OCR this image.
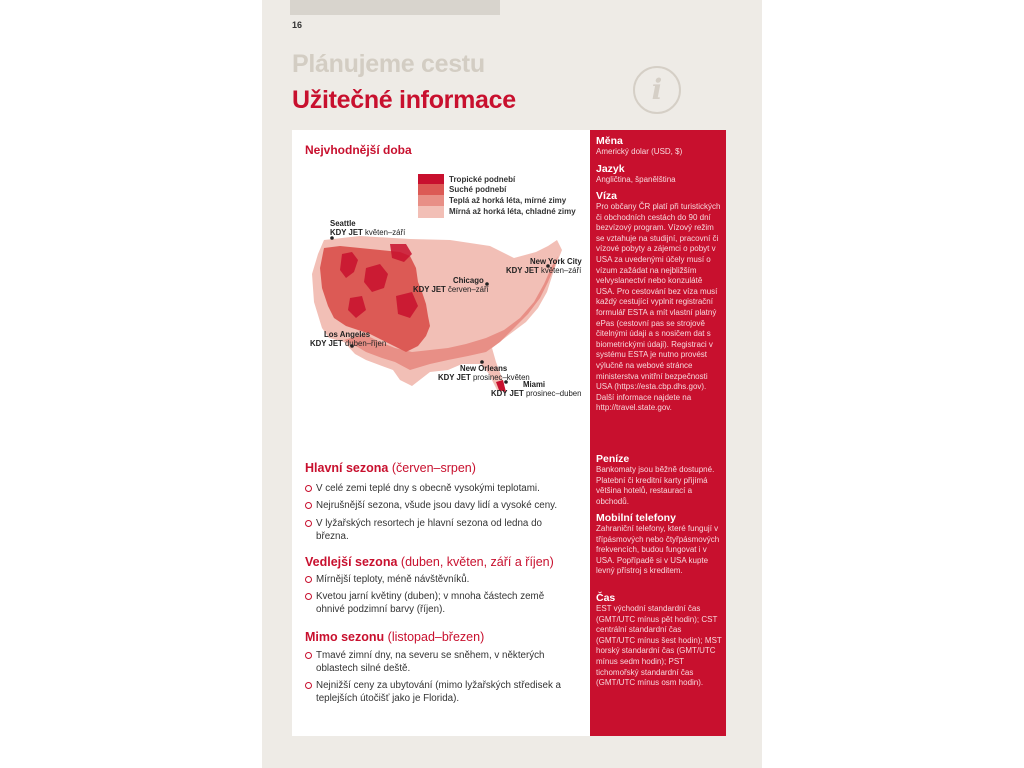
16
Plánujeme cestu
Užitečné informace	i
Nejvhodnější doba
Tropické podnebí
Suché podnebí
Teplá až horká léta, mírné zimy
Mírná až horká léta, chladné zimy
Seattle
KDY JET květen–září
Chicago
KDY JET červen–září
New York City
KDY JET květen–září
Los Angeles
KDY JET duben–říjen
New Orleans
KDY JET prosinec–květen
Miami
KDY JET prosinec–duben
Hlavní sezona (červen–srpen)
V celé zemi teplé dny s obecně vysokými teplotami.
Nejrušnější sezona, všude jsou davy lidí a vysoké ceny.
V lyžařských resortech je hlavní sezona od ledna do března.
Vedlejší sezona (duben, květen, září a říjen)
Mírnější teploty, méně návštěvníků.
Kvetou jarní květiny (duben); v mnoha částech země ohnivé podzimní barvy (říjen).
Mimo sezonu (listopad–březen)
Tmavé zimní dny, na severu se sněhem, v některých oblastech silné deště.
Nejnižší ceny za ubytování (mimo lyžařských středisek a teplejších útočišť jako je Florida).
Měna
Americký dolar (USD, $)
Jazyk
Angličtina, španělština
Víza
Pro občany ČR platí při turistických či obchodních cestách do 90 dní bezvízový program. Vízový režim se vztahuje na studijní, pracovní či vízové pobyty a zájemci o pobyt v USA za uvedenými účely musí o vízum zažádat na nejbližším velvyslanectví nebo konzulátě USA. Pro cestování bez víza musí každý cestující vyplnit registrační formulář ESTA a mít vlastní platný ePas (cestovní pas se strojově čitelnými údaji a s nosičem dat s biometrickými údaji). Registraci v systému ESTA je nutno provést výlučně na webové stránce ministerstva vnitřní bezpečnosti USA (https://esta.cbp.dhs.gov). Další informace najdete na http://travel.state.gov.
Peníze
Bankomaty jsou běžně dostupné. Platební či kreditní karty přijímá většina hotelů, restaurací a obchodů.
Mobilní telefony
Zahraniční telefony, které fungují v třípásmových nebo čtyřpásmových frekvencích, budou fungovat i v USA. Popřípadě si v USA kupte levný přístroj s kreditem.
Čas
EST východní standardní čas (GMT/UTC mínus pět hodin); CST centrální standardní čas (GMT/UTC mínus šest hodin); MST horský standardní čas (GMT/UTC mínus sedm hodin); PST tichomořský standardní čas (GMT/UTC mínus osm hodin).
